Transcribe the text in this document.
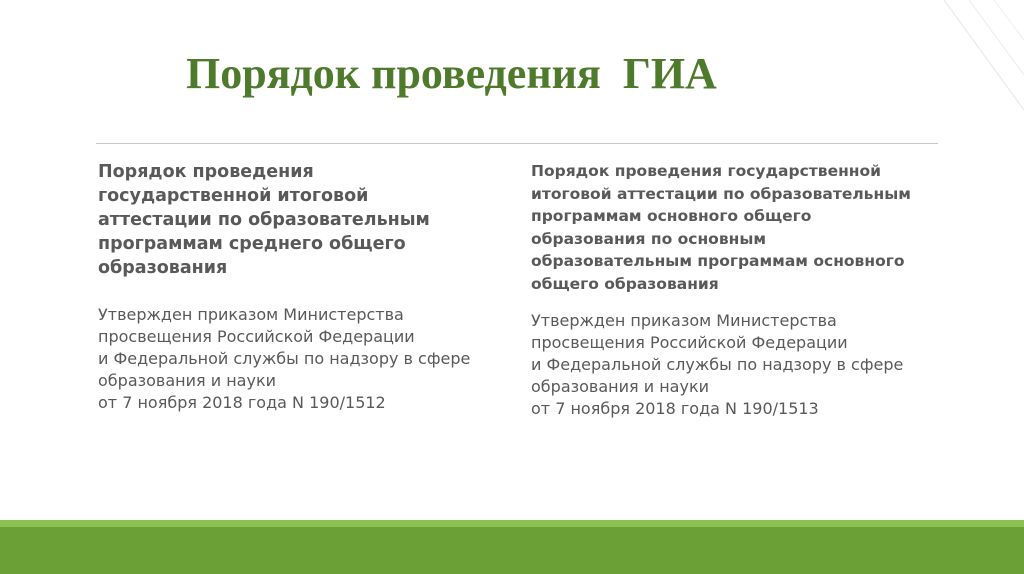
Порядок проведения  ГИА

Порядок проведения
государственной итоговой
аттестации по образовательным
программам среднего общего
образования

Утвержден приказом Министерства
просвещения Российской Федерации
и Федеральной службы по надзору в сфере
образования и науки
от 7 ноября 2018 года N 190/1512

Порядок проведения государственной
итоговой аттестации по образовательным
программам основного общего
образования по основным
образовательным программам основного
общего образования

Утвержден приказом Министерства
просвещения Российской Федерации
и Федеральной службы по надзору в сфере
образования и науки
от 7 ноября 2018 года N 190/1513
